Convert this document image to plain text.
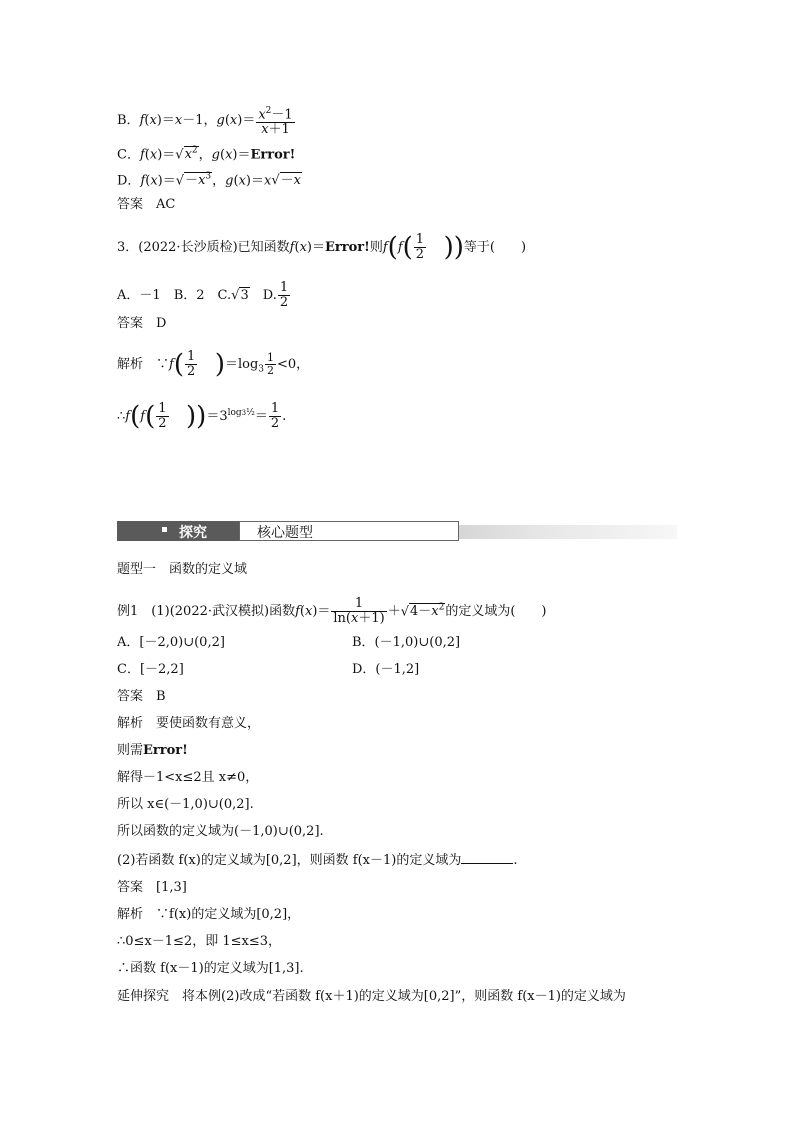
B．f(x)＝x－1，$g(x)= \frac{x^2-1}{x+1}$
C．$f(x)=√x^2$，g(x)＝Error!
D．$f(x)=√-x^3$，g(x)＝x√－x
答案　 AC
3．(2022·长沙质检)已知函数f(x)＝Error!则$f(f( \frac{1}{2}$ ))等于(　　)
A．－1　 B．2　 C.√3　 D. $\frac{1}{2}$
答案　 D
解析　∵f( $\frac{1}{2} )=\log_3 \frac{1}{2} <0$，
∴f(f( $\frac{1}{2} ))=3^{log3\frac{1}{2}}= \frac{1}{2}$ .
探究	核心题型
题型一　函数的定义域
例1　 (1)(2022·武汉模拟)函数$f(x)= \frac{1}{\ln(x+1)} +√4-x^2$的定义域为(　　)
A．[－2,0)∪(0,2]	B．(－1,0)∪(0,2]
C．[－2,2]	D．(－1,2]
答案　 B
解析　 要使函数有意义，
则需Error!
解得－1<x≤2且 x≠0，
所以 x∈(－1,0)∪(0,2].
所以函数的定义域为(－1,0)∪(0,2].
(2)若函数 f(x)的定义域为[0,2]，则函数 f(x－1)的定义域为	.
答案　 [1,3]
解析　 ∵f(x)的定义域为[0,2]，
∴0≤x－1≤2，即 1≤x≤3，
∴函数 f(x－1)的定义域为[1,3].
延伸探究　 将本例(2)改成“若函数 f(x＋1)的定义域为[0,2]”，则函数 f(x－1)的定义域为
